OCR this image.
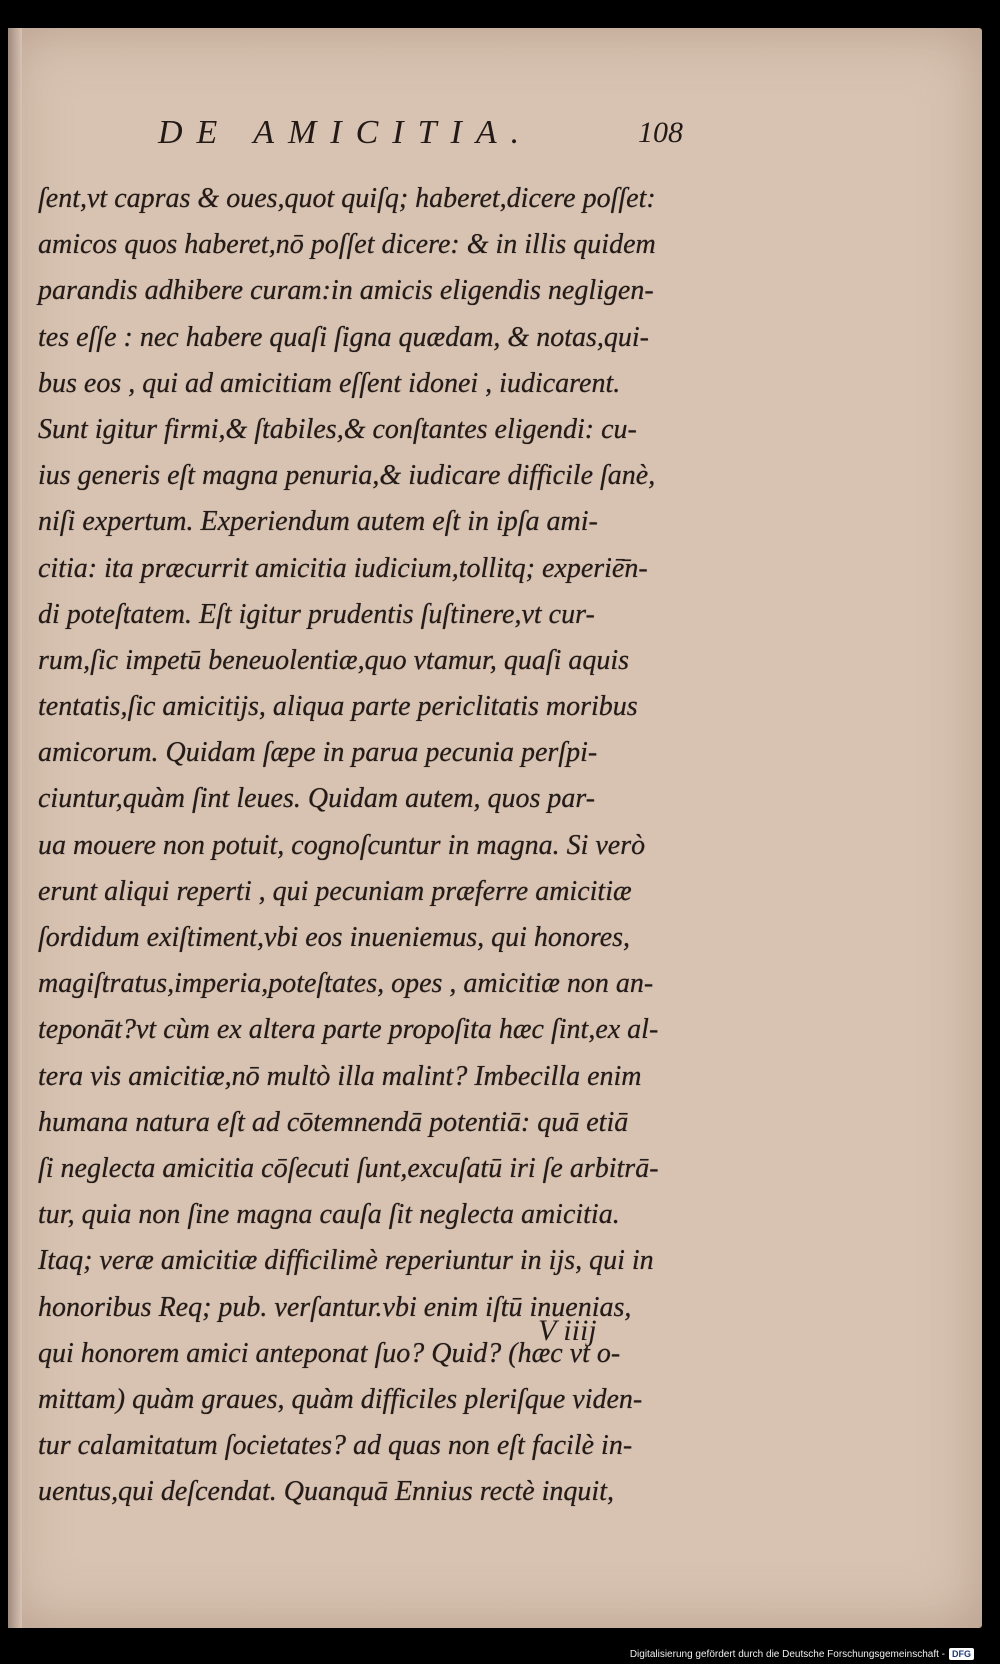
DE AMICITIA.	108
ſent,vt capras & oues,quot quiſq; haberet,dicere poſſet:
amicos quos haberet,nō poſſet dicere: & in illis quidem
parandis adhibere curam:in amicis eligendis negligen-
tes eſſe : nec habere quaſi ſigna quædam, & notas,qui-
bus eos , qui ad amicitiam eſſent idonei , iudicarent.
Sunt igitur firmi,& ſtabiles,& conſtantes eligendi: cu-
ius generis eſt magna penuria,& iudicare difficile ſanè,
niſi expertum. Experiendum autem eſt in ipſa ami-
citia: ita præcurrit amicitia iudicium,tollitq; experiē̄n-
di poteſtatem. Eſt igitur prudentis ſuſtinere,vt cur-
rum,ſic impetū beneuolentiæ,quo vtamur, quaſi aquis
tentatis,ſic amicitijs, aliqua parte periclitatis moribus
amicorum. Quidam ſæpe in parua pecunia perſpi-
ciuntur,quàm ſint leues. Quidam autem, quos par-
ua mouere non potuit, cognoſcuntur in magna. Si verò
erunt aliqui reperti , qui pecuniam præferre amicitiæ
ſordidum exiſtiment,vbi eos inueniemus, qui honores,
magiſtratus,imperia,poteſtates, opes , amicitiæ non an-
teponāt?vt cùm ex altera parte propoſita hæc ſint,ex al-
tera vis amicitiæ,nō multò illa malint? Imbecilla enim
humana natura eſt ad cōtemnendā potentiā: quā etiā
ſi neglecta amicitia cōſecuti ſunt,excuſatū iri ſe arbitrā-
tur, quia non ſine magna cauſa ſit neglecta amicitia.
Itaq; veræ amicitiæ difficilimè reperiuntur in ijs, qui in
honoribus Req; pub. verſantur.vbi enim iſtū inuenias,
qui honorem amici anteponat ſuo? Quid? (hæc vt o-
mittam) quàm graues, quàm difficiles pleriſque viden-
tur calamitatum ſocietates? ad quas non eſt facilè in-
uentus,qui deſcendat. Quanquā Ennius rectè inquit,
V iiij
Digitalisierung gefördert durch die Deutsche Forschungsgemeinschaft - DFG
